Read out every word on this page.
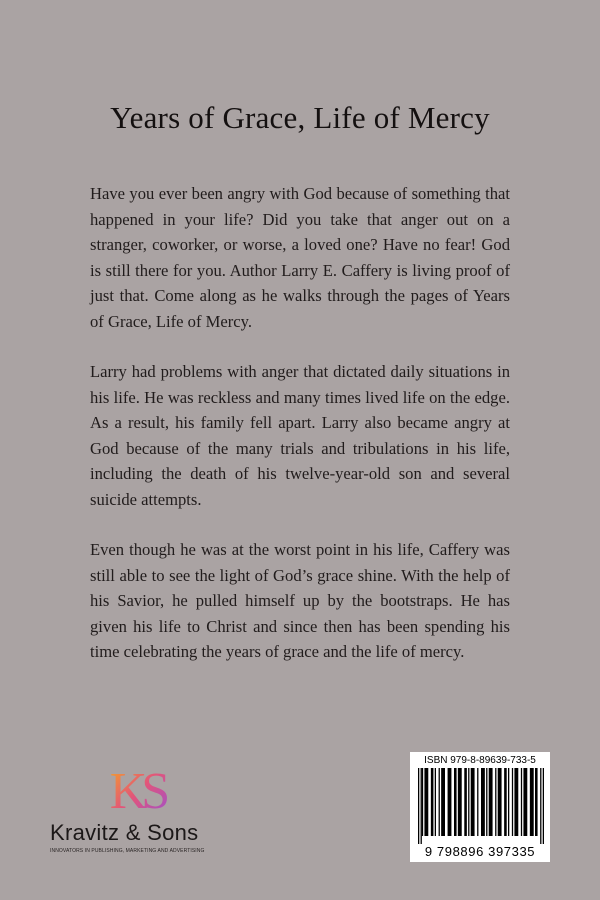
Years of Grace, Life of Mercy

Have you ever been angry with God because of something that happened in your life? Did you take that anger out on a stranger, coworker, or worse, a loved one? Have no fear! God is still there for you. Author Larry E. Caffery is living proof of just that. Come along as he walks through the pages of Years of Grace, Life of Mercy.

Larry had problems with anger that dictated daily situations in his life. He was reckless and many times lived life on the edge. As a result, his family fell apart. Larry also became angry at God because of the many trials and tribulations in his life, including the death of his twelve-year-old son and several suicide attempts.

Even though he was at the worst point in his life, Caffery was still able to see the light of God’s grace shine. With the help of his Savior, he pulled himself up by the bootstraps. He has given his life to Christ and since then has been spending his time celebrating the years of grace and the life of mercy.

KS
Kravitz & Sons
INNOVATORS IN PUBLISHING, MARKETING AND ADVERTISING
ISBN 979-8-89639-733-5
9 798896 397335
